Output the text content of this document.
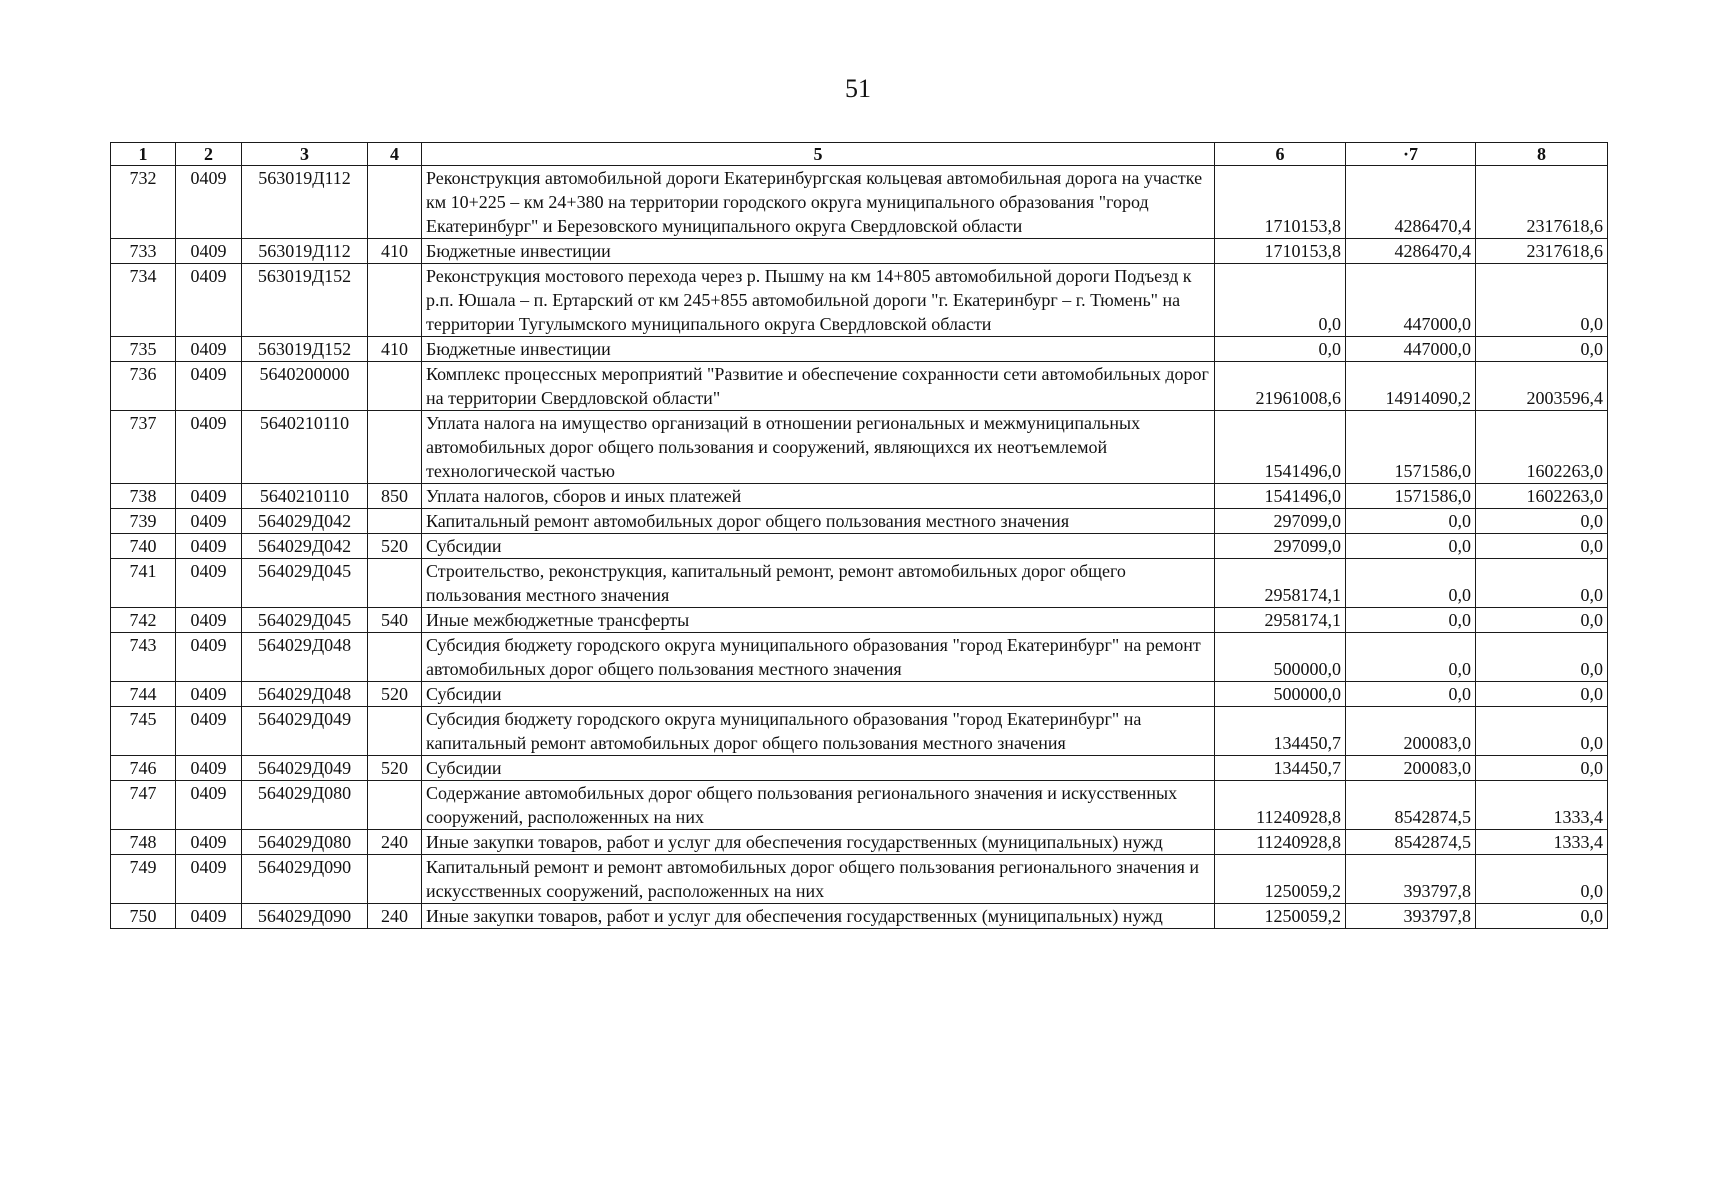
51
1	2	3	4	5	6	·7	8
732	0409	563019Д112		Реконструкция автомобильной дороги Екатеринбургская кольцевая автомобильная дорога на участке км 10+225 – км 24+380 на территории городского округа муниципального образования "город Екатеринбург" и Березовского муниципального округа Свердловской области	1710153,8	4286470,4	2317618,6
733	0409	563019Д112	410	Бюджетные инвестиции	1710153,8	4286470,4	2317618,6
734	0409	563019Д152		Реконструкция мостового перехода через р. Пышму на км 14+805 автомобильной дороги Подъезд к р.п. Юшала – п. Ертарский от км 245+855 автомобильной дороги "г. Екатеринбург – г. Тюмень" на территории Тугулымского муниципального округа Свердловской области	0,0	447000,0	0,0
735	0409	563019Д152	410	Бюджетные инвестиции	0,0	447000,0	0,0
736	0409	5640200000		Комплекс процессных мероприятий "Развитие и обеспечение сохранности сети автомобильных дорог на территории Свердловской области"	21961008,6	14914090,2	2003596,4
737	0409	5640210110		Уплата налога на имущество организаций в отношении региональных и межмуниципальных автомобильных дорог общего пользования и сооружений, являющихся их неотъемлемой технологической частью	1541496,0	1571586,0	1602263,0
738	0409	5640210110	850	Уплата налогов, сборов и иных платежей	1541496,0	1571586,0	1602263,0
739	0409	564029Д042		Капитальный ремонт автомобильных дорог общего пользования местного значения	297099,0	0,0	0,0
740	0409	564029Д042	520	Субсидии	297099,0	0,0	0,0
741	0409	564029Д045		Строительство, реконструкция, капитальный ремонт, ремонт автомобильных дорог общего пользования местного значения	2958174,1	0,0	0,0
742	0409	564029Д045	540	Иные межбюджетные трансферты	2958174,1	0,0	0,0
743	0409	564029Д048		Субсидия бюджету городского округа муниципального образования "город Екатеринбург" на ремонт автомобильных дорог общего пользования местного значения	500000,0	0,0	0,0
744	0409	564029Д048	520	Субсидии	500000,0	0,0	0,0
745	0409	564029Д049		Субсидия бюджету городского округа муниципального образования "город Екатеринбург" на капитальный ремонт автомобильных дорог общего пользования местного значения	134450,7	200083,0	0,0
746	0409	564029Д049	520	Субсидии	134450,7	200083,0	0,0
747	0409	564029Д080		Содержание автомобильных дорог общего пользования регионального значения и искусственных сооружений, расположенных на них	11240928,8	8542874,5	1333,4
748	0409	564029Д080	240	Иные закупки товаров, работ и услуг для обеспечения государственных (муниципальных) нужд	11240928,8	8542874,5	1333,4
749	0409	564029Д090		Капитальный ремонт и ремонт автомобильных дорог общего пользования регионального значения и искусственных сооружений, расположенных на них	1250059,2	393797,8	0,0
750	0409	564029Д090	240	Иные закупки товаров, работ и услуг для обеспечения государственных (муниципальных) нужд	1250059,2	393797,8	0,0
